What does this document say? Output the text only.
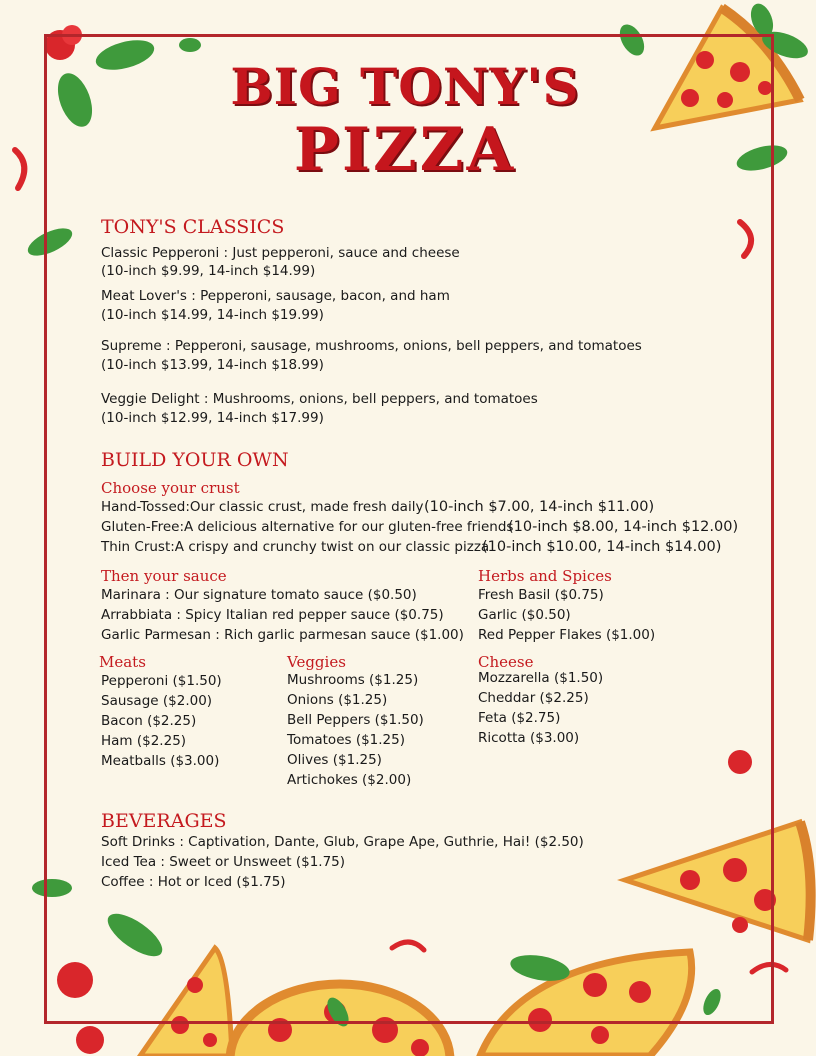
BIG TONY'S
PIZZA
TONY'S CLASSICS
Classic Pepperoni : Just pepperoni, sauce and cheese
(10-inch $9.99, 14-inch $14.99)
Meat Lover's : Pepperoni, sausage, bacon, and ham
(10-inch $14.99, 14-inch $19.99)
Supreme : Pepperoni, sausage, mushrooms, onions, bell peppers, and tomatoes
(10-inch $13.99, 14-inch $18.99)
Veggie Delight : Mushrooms, onions, bell peppers, and tomatoes
(10-inch $12.99, 14-inch $17.99)
BUILD YOUR OWN
Choose your crust
Hand-Tossed:Our classic crust, made fresh daily (10-inch $7.00, 14-inch $11.00)
Gluten-Free:A delicious alternative for our gluten-free friends
(10-inch $8.00, 14-inch $12.00)
Thin Crust:A crispy and crunchy twist on our classic pizza
(10-inch $10.00, 14-inch $14.00)
Then your sauce
Marinara : Our signature tomato sauce ($0.50)
Arrabbiata : Spicy Italian red pepper sauce ($0.75)
Garlic Parmesan : Rich garlic parmesan sauce ($1.00)
Herbs and Spices
Fresh Basil ($0.75)
Garlic ($0.50)
Red Pepper Flakes ($1.00)
Meats
Pepperoni ($1.50)
Sausage ($2.00)
Bacon ($2.25)
Ham ($2.25)
Meatballs ($3.00)
Veggies
Mushrooms ($1.25)
Onions ($1.25)
Bell Peppers ($1.50)
Tomatoes ($1.25)
Olives ($1.25)
Artichokes ($2.00)
Cheese
Mozzarella ($1.50)
Cheddar ($2.25)
Feta ($2.75)
Ricotta ($3.00)
BEVERAGES
Soft Drinks : Captivation, Dante, Glub, Grape Ape, Guthrie, Hai! ($2.50)
Iced Tea : Sweet or Unsweet ($1.75)
Coffee : Hot or Iced ($1.75)
